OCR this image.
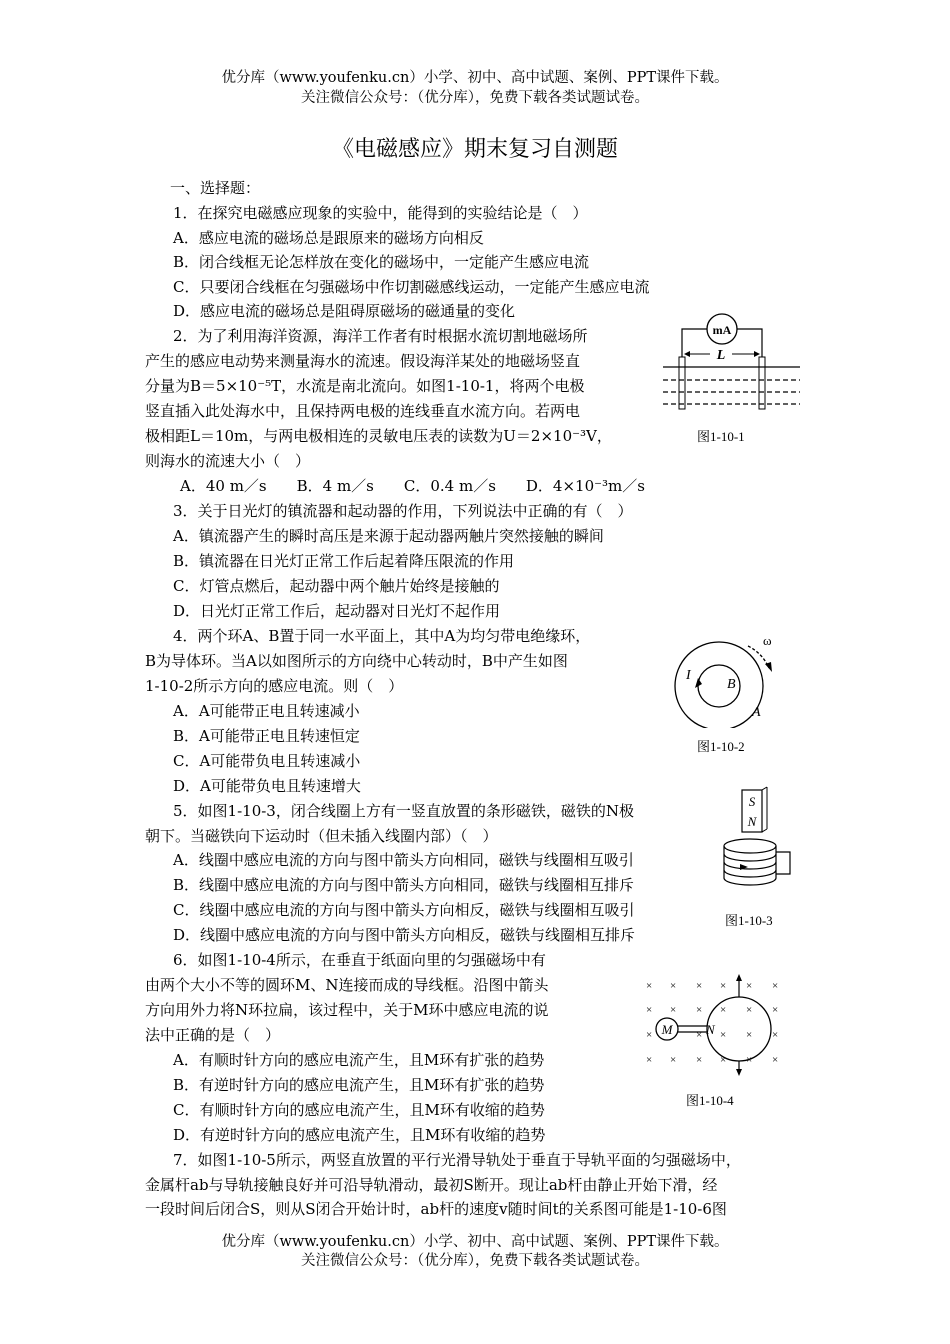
优分库（www.youfenku.cn）小学、初中、高中试题、案例、PPT课件下载。
关注微信公众号：（优分库），免费下载各类试题试卷。
《电磁感应》期末复习自测题
一、选择题：
1．在探究电磁感应现象的实验中，能得到的实验结论是（　）
A．感应电流的磁场总是跟原来的磁场方向相反
B．闭合线框无论怎样放在变化的磁场中，一定能产生感应电流
C．只要闭合线框在匀强磁场中作切割磁感线运动，一定能产生感应电流
D．感应电流的磁场总是阻碍原磁场的磁通量的变化
2．为了利用海洋资源，海洋工作者有时根据水流切割地磁场所
产生的感应电动势来测量海水的流速。假设海洋某处的地磁场竖直
分量为B＝5×10⁻⁵T，水流是南北流向。如图1-10-1，将两个电极
竖直插入此处海水中，且保持两电极的连线垂直水流方向。若两电
极相距L＝10m，与两电极相连的灵敏电压表的读数为U＝2×10⁻³V，
则海水的流速大小（　）
A．40 m／s　　B．4 m／s　　C．0.4 m／s　　D．4×10⁻³m／s
mA
L
图1-10-1
3．关于日光灯的镇流器和起动器的作用，下列说法中正确的有（　）
A．镇流器产生的瞬时高压是来源于起动器两触片突然接触的瞬间
B．镇流器在日光灯正常工作后起着降压限流的作用
C．灯管点燃后，起动器中两个触片始终是接触的
D．日光灯正常工作后，起动器对日光灯不起作用
4．两个环A、B置于同一水平面上，其中A为均匀带电绝缘环，
B为导体环。当A以如图所示的方向绕中心转动时，B中产生如图
1-10-2所示方向的感应电流。则（　）
A．A可能带正电且转速减小
B．A可能带正电且转速恒定
C．A可能带负电且转速减小
D．A可能带负电且转速增大
ω
I
B
A
图1-10-2
5．如图1-10-3，闭合线圈上方有一竖直放置的条形磁铁，磁铁的N极
朝下。当磁铁向下运动时（但未插入线圈内部）（　）
A．线圈中感应电流的方向与图中箭头方向相同，磁铁与线圈相互吸引
B．线圈中感应电流的方向与图中箭头方向相同，磁铁与线圈相互排斥
C．线圈中感应电流的方向与图中箭头方向相反，磁铁与线圈相互吸引
D．线圈中感应电流的方向与图中箭头方向相反，磁铁与线圈相互排斥
S
N
图1-10-3
6．如图1-10-4所示，在垂直于纸面向里的匀强磁场中有
由两个大小不等的圆环M、N连接而成的导线框。沿图中箭头
方向用外力将N环拉扁，该过程中，关于M环中感应电流的说
法中正确的是（　）
A．有顺时针方向的感应电流产生，且M环有扩张的趋势
B．有逆时针方向的感应电流产生，且M环有扩张的趋势
C．有顺时针方向的感应电流产生，且M环有收缩的趋势
D．有逆时针方向的感应电流产生，且M环有收缩的趋势
× × × × × ×
× × × × × ×
×	× × × ×
× × × × × ×
M	N
图1-10-4
7．如图1-10-5所示，两竖直放置的平行光滑导轨处于垂直于导轨平面的匀强磁场中，
金属杆ab与导轨接触良好并可沿导轨滑动，最初S断开。现让ab杆由静止开始下滑，经
一段时间后闭合S，则从S闭合开始计时，ab杆的速度v随时间t的关系图可能是1-10-6图
优分库（www.youfenku.cn）小学、初中、高中试题、案例、PPT课件下载。
关注微信公众号：（优分库），免费下载各类试题试卷。
